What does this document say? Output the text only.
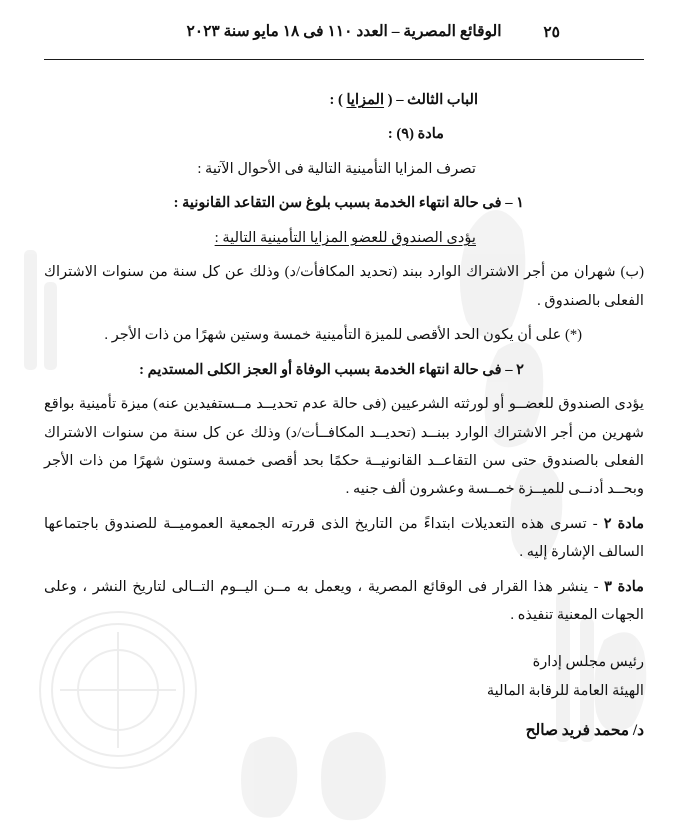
٢٥
الوقائع المصرية – العدد ١١٠ فى ١٨ مايو سنة ٢٠٢٣

الباب الثالث – ( المزايا ) :

مادة (٩) :

تصرف المزايا التأمينية التالية فى الأحوال الآتية :

١ – فى حالة انتهاء الخدمة بسبب بلوغ سن التقاعد القانونية :

يؤدى الصندوق للعضو المزايا التأمينية التالية :

(ب) شهران من أجر الاشتراك الوارد ببند (تحديد المكافأت/د) وذلك عن كل سنة من سنوات الاشتراك الفعلى بالصندوق .

(*) على أن يكون الحد الأقصى للميزة التأمينية خمسة وستين شهرًا من ذات الأجر .

٢ – فى حالة انتهاء الخدمة بسبب الوفاة أو العجز الكلى المستديم :

يؤدى الصندوق للعضــو أو لورثته الشرعيين (فى حالة عدم تحديــد مــستفيدين عنه) ميزة تأمينية بواقع شهرين من أجر الاشتراك الوارد ببنــد (تحديــد المكافــأت/د) وذلك عن كل سنة من سنوات الاشتراك الفعلى بالصندوق حتى سن التقاعــد القانونيــة حكمًا بحد أقصى خمسة وستون شهرًا من ذات الأجر وبحــد أدنــى للميــزة خمــسة وعشرون ألف جنيه .

مادة ٢ - تسرى هذه التعديلات ابتداءً من التاريخ الذى قررته الجمعية العموميــة للصندوق باجتماعها السالف الإشارة إليه .

مادة ٣ - ينشر هذا القرار فى الوقائع المصرية ، ويعمل به مــن اليــوم التــالى لتاريخ النشر ، وعلى الجهات المعنية تنفيذه .

رئيس مجلس إدارة
الهيئة العامة للرقابة المالية
د/ محمد فريد صالح
